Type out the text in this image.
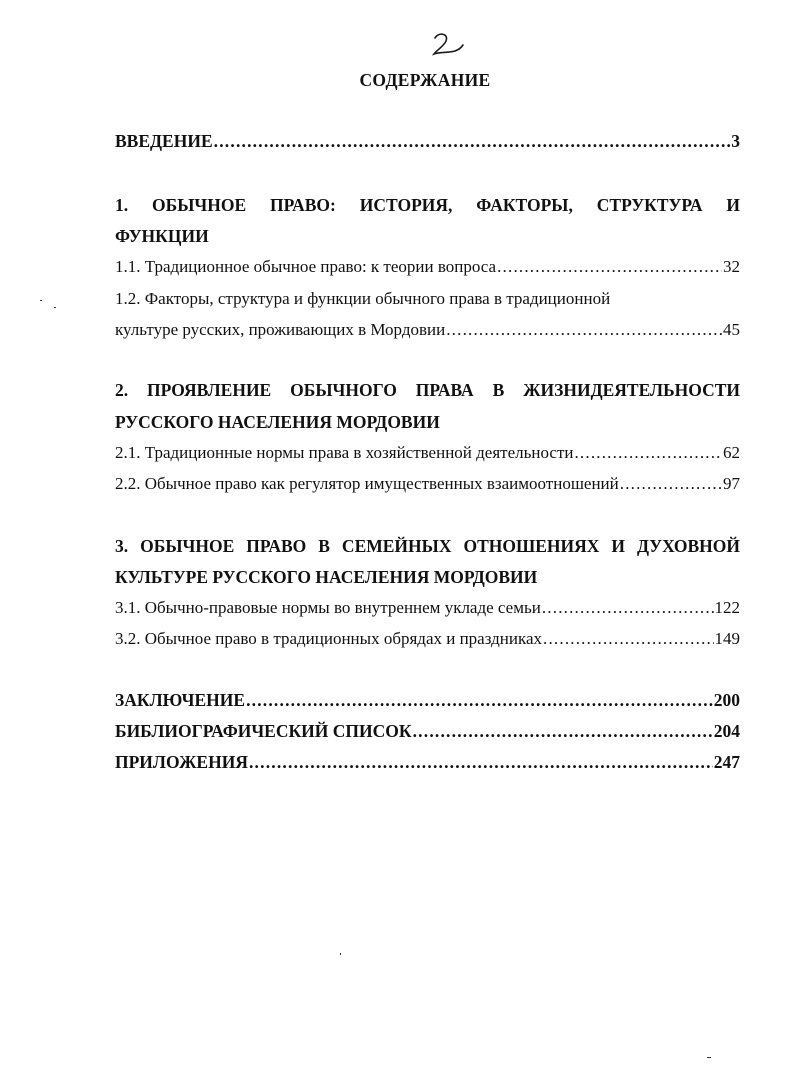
СОДЕРЖАНИЕ
ВВЕДЕНИЕ .....	3
1. ОБЫЧНОЕ ПРАВО: ИСТОРИЯ, ФАКТОРЫ, СТРУКТУРА И
ФУНКЦИИ
1.1. Традиционное обычное право: к теории вопроса .....	32
1.2. Факторы, структура и функции обычного права в традиционной
культуре русских, проживающих в Мордовии .....	45
2. ПРОЯВЛЕНИЕ ОБЫЧНОГО ПРАВА В ЖИЗНИДЕЯТЕЛЬНОСТИ
РУССКОГО НАСЕЛЕНИЯ МОРДОВИИ
2.1. Традиционные нормы права в хозяйственной деятельности .....	62
2.2. Обычное право как регулятор имущественных взаимоотношений .....	97
3. ОБЫЧНОЕ ПРАВО В СЕМЕЙНЫХ ОТНОШЕНИЯХ И ДУХОВНОЙ
КУЛЬТУРЕ РУССКОГО НАСЕЛЕНИЯ МОРДОВИИ
3.1. Обычно-правовые нормы во внутреннем укладе семьи .....	122
3.2. Обычное право в традиционных обрядах и праздниках .....	149
ЗАКЛЮЧЕНИЕ .....	200
БИБЛИОГРАФИЧЕСКИЙ СПИСОК .....	204
ПРИЛОЖЕНИЯ .....	247
